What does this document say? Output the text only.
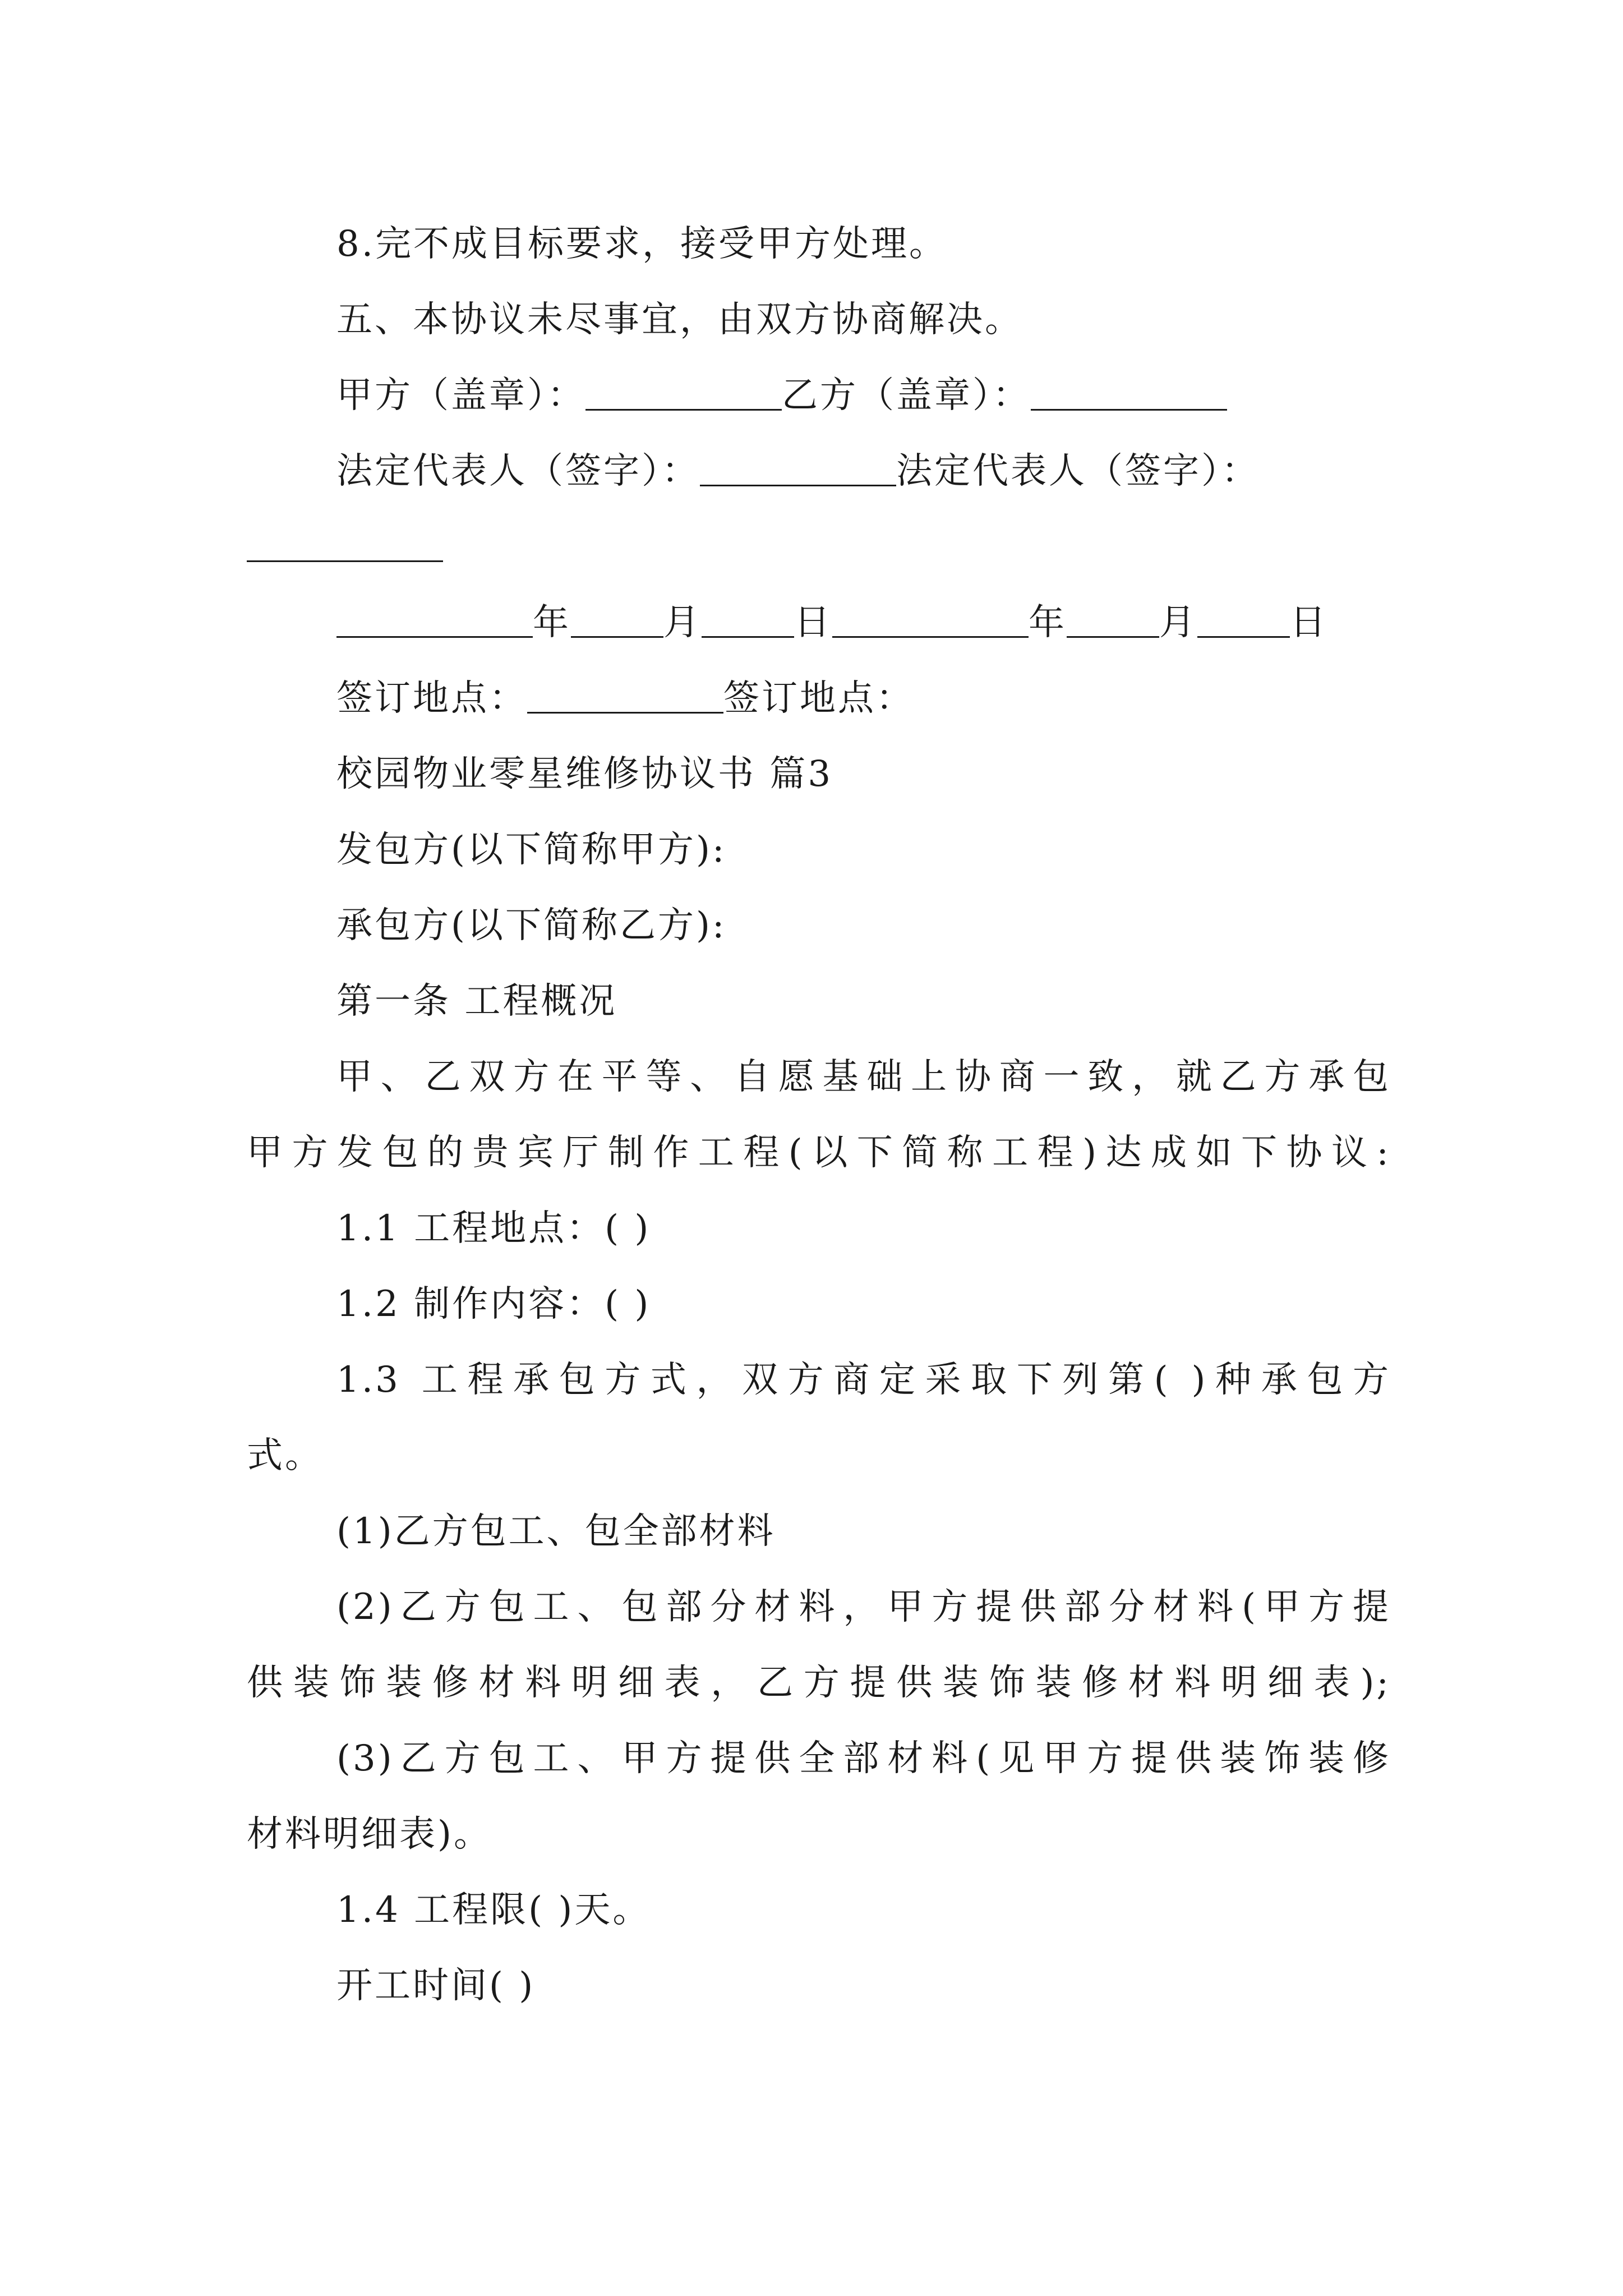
8.完不成目标要求，接受甲方处理。
五、本协议未尽事宜，由双方协商解决。
甲方（盖章）：	乙方（盖章）：
法定代表人（签字）：	法定代表人（签字）：
年	月	日	年	月	日
签订地点：	签订地点：
校园物业零星维修协议书 篇3
发包方(以下简称甲方):
承包方(以下简称乙方):
第一条 工程概况
甲、乙双方在平等、自愿基础上协商一致，就乙方承包
甲方发包的贵宾厅制作工程(以下简称工程)达成如下协议:
1.1 工程地点：( )
1.2 制作内容：( )
1.3 工程承包方式，双方商定采取下列第( )种承包方
式。
(1)乙方包工、包全部材料
(2)乙方包工、包部分材料，甲方提供部分材料(甲方提
供装饰装修材料明细表，乙方提供装饰装修材料明细表);
(3)乙方包工、甲方提供全部材料(见甲方提供装饰装修
材料明细表)。
1.4 工程限( )天。
开工时间( )
